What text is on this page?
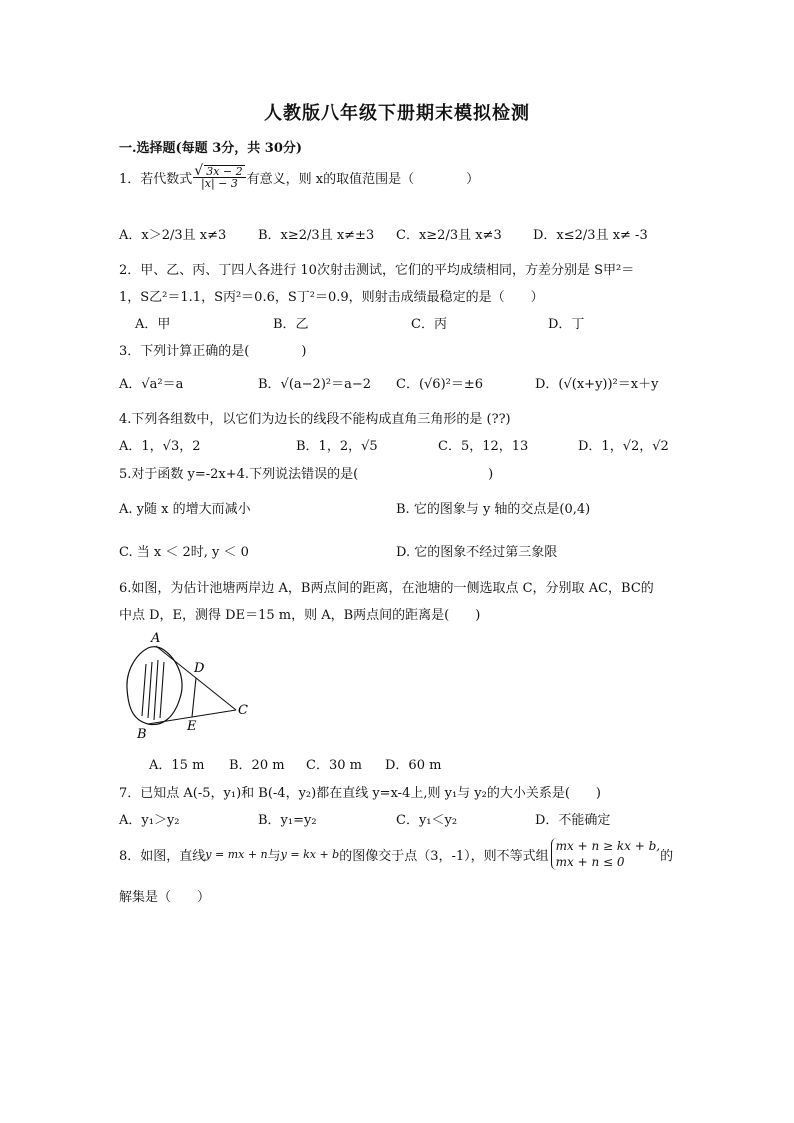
人教版八年级下册期末模拟检测
一.选择题(每题 3分，共 30分)
1．若代数式 $\frac{√ 3x - 2}{|x| - 3}$ 有意义，则 x的取值范围是（　　　　）
A．x＞2/3且 x≠3 B．x≥2/3且 x≠±3 C．x≥2/3且 x≠3 D．x≤2/3且 x≠ -3
2．甲、乙、丙、丁四人各进行 10次射击测试，它们的平均成绩相同，方差分别是 S甲²＝
1，S乙²＝1.1，S丙²＝0.6，S丁²＝0.9，则射击成绩最稳定的是（　　）
A．甲	B．乙	C．丙	D．丁
3．下列计算正确的是(　　　　)
A．√a²＝a	B．√(a−2)²＝a−2 C．(√6)²＝±6	D．(√(x+y))²＝x＋y
4.下列各组数中，以它们为边长的线段不能构成直角三角形的是 (??)
A．1，√3，2	B．1，2，√5	C．5，12，13	D．1，√2，√2
5.对于函数 y=-2x+4.下列说法错误的是(　　　　　　　　　　)
A. y随 x 的增大而减小	B. 它的图象与 y 轴的交点是(0,4)
C. 当 x ＜ 2时, y ＜ 0	D. 它的图象不经过第三象限
6.如图，为估计池塘两岸边 A，B两点间的距离，在池塘的一侧选取点 C，分别取 AC，BC的
中点 D，E，测得 DE＝15 m，则 A，B两点间的距离是(　　)
A
B
C
D
E
A．15 m B．20 m C．30 m D．60 m
7．已知点 A(-5，y₁)和 B(-4，y₂)都在直线 y=x-4上,则 y₁与 y₂的大小关系是(　　)
A．y₁＞y₂	B．y₁=y₂	C．y₁＜y₂	D．不能确定
8．如图，直线 y = mx + n 与 y = kx + b 的图像交于点（3，-1），则不等式组
mx + n ≥ kx + b,
mx + n ≤ 0	的
解集是（　　）
